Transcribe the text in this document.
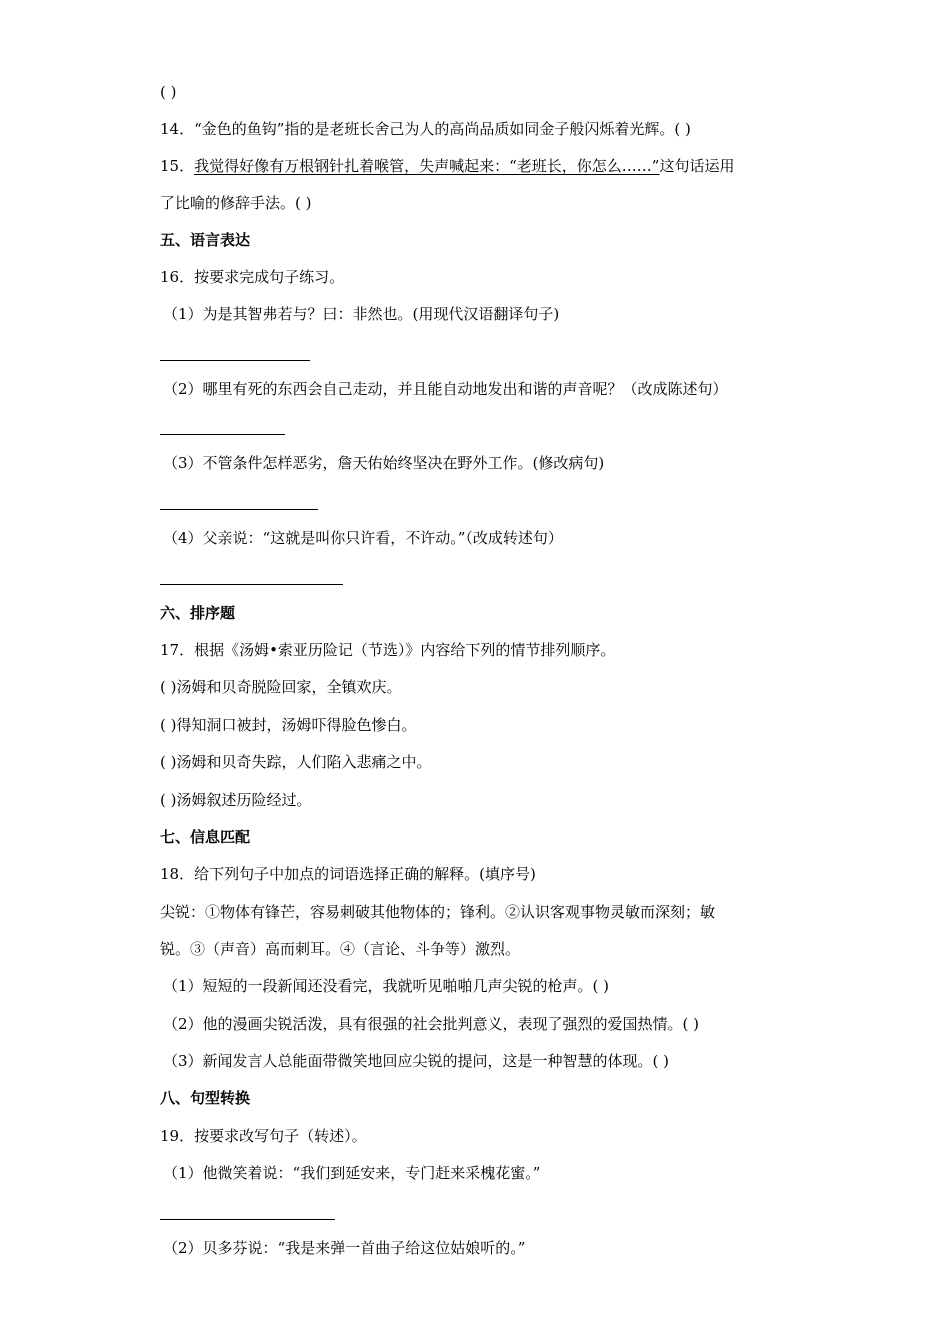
( )
14．“金色的鱼钩”指的是老班长舍己为人的高尚品质如同金子般闪烁着光辉。( )
15．我觉得好像有万根钢针扎着喉管，失声喊起来：“老班长，你怎么……”这句话运用
了比喻的修辞手法。( )
五、语言表达
16．按要求完成句子练习。
（1）为是其智弗若与？曰：非然也。(用现代汉语翻译句子)
（2）哪里有死的东西会自己走动，并且能自动地发出和谐的声音呢？（改成陈述句）
（3）不管条件怎样恶劣，詹天佑始终坚决在野外工作。(修改病句)
（4）父亲说：“这就是叫你只许看，不许动。”（改成转述句）
六、排序题
17．根据《汤姆•索亚历险记（节选）》内容给下列的情节排列顺序。
( )汤姆和贝奇脱险回家，全镇欢庆。
( )得知洞口被封，汤姆吓得脸色惨白。
( )汤姆和贝奇失踪，人们陷入悲痛之中。
( )汤姆叙述历险经过。
七、信息匹配
18．给下列句子中加点的词语选择正确的解释。(填序号)
尖锐：①物体有锋芒，容易刺破其他物体的；锋利。②认识客观事物灵敏而深刻；敏
锐。③（声音）高而刺耳。④（言论、斗争等）激烈。
（1）短短的一段新闻还没看完，我就听见啪啪几声尖锐的枪声。( )
（2）他的漫画尖锐活泼，具有很强的社会批判意义，表现了强烈的爱国热情。( )
（3）新闻发言人总能面带微笑地回应尖锐的提问，这是一种智慧的体现。( )
八、句型转换
19．按要求改写句子（转述）。
（1）他微笑着说：“我们到延安来，专门赶来采槐花蜜。”
（2）贝多芬说：“我是来弹一首曲子给这位姑娘听的。”
